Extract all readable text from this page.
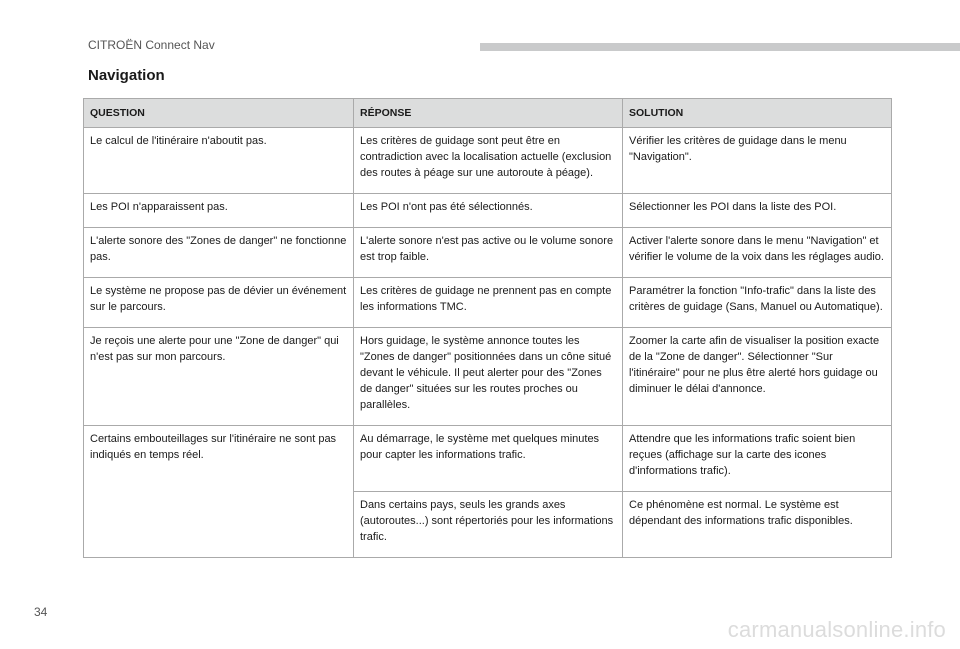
CITROËN Connect Nav
Navigation
QUESTION	RÉPONSE	SOLUTION
Le calcul de l'itinéraire n'aboutit pas.	Les critères de guidage sont peut être en contradiction avec la localisation actuelle (exclusion des routes à péage sur une autoroute à péage).	Vérifier les critères de guidage dans le menu "Navigation".
Les POI n'apparaissent pas.	Les POI n'ont pas été sélectionnés.	Sélectionner les POI dans la liste des POI.
L'alerte sonore des "Zones de danger" ne fonctionne pas.	L'alerte sonore n'est pas active ou le volume sonore est trop faible.	Activer l'alerte sonore dans le menu "Navigation" et vérifier le volume de la voix dans les réglages audio.
Le système ne propose pas de dévier un événement sur le parcours.	Les critères de guidage ne prennent pas en compte les informations TMC.	Paramétrer la fonction "Info-trafic" dans la liste des critères de guidage (Sans, Manuel ou Automatique).
Je reçois une alerte pour une "Zone de danger" qui n'est pas sur mon parcours.	Hors guidage, le système annonce toutes les "Zones de danger" positionnées dans un cône situé devant le véhicule. Il peut alerter pour des "Zones de danger" situées sur les routes proches ou parallèles.	Zoomer la carte afin de visualiser la position exacte de la "Zone de danger". Sélectionner "Sur l'itinéraire" pour ne plus être alerté hors guidage ou diminuer le délai d'annonce.
Certains embouteillages sur l'itinéraire ne sont pas indiqués en temps réel.	Au démarrage, le système met quelques minutes pour capter les informations trafic.	Attendre que les informations trafic soient bien reçues (affichage sur la carte des icones d'informations trafic).
	Dans certains pays, seuls les grands axes (autoroutes...) sont répertoriés pour les informations trafic.	Ce phénomène est normal. Le système est dépendant des informations trafic disponibles.
34
carmanualsonline.info
